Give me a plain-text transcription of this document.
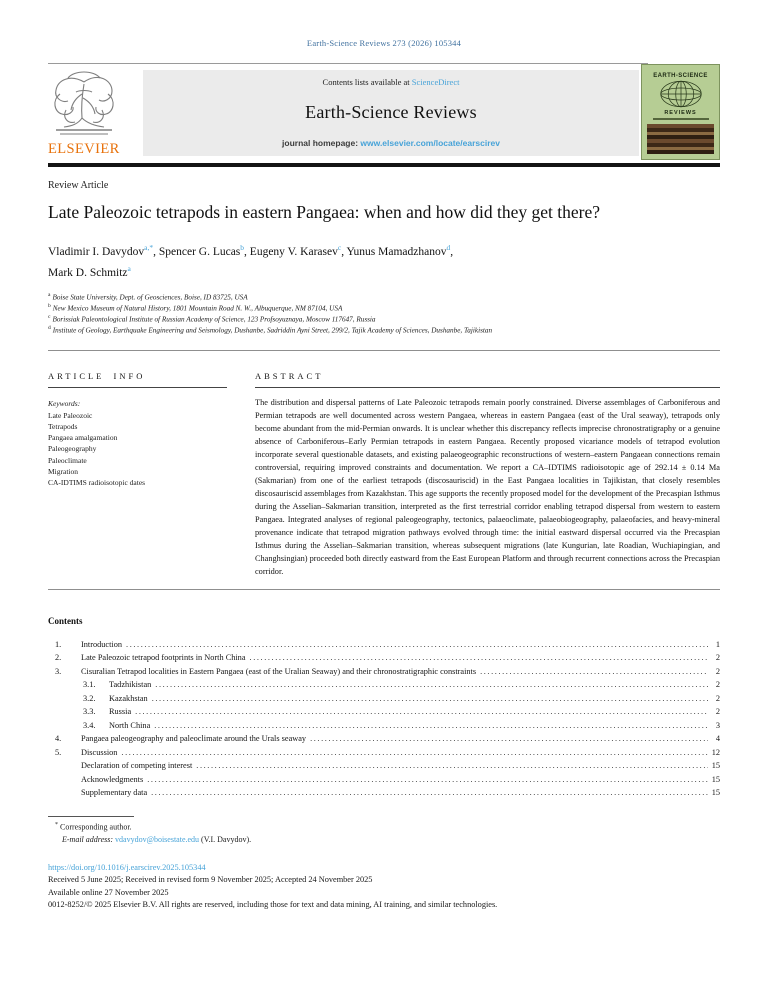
Earth-Science Reviews 273 (2026) 105344
ELSEVIER
Contents lists available at ScienceDirect
Earth-Science Reviews
journal homepage: www.elsevier.com/locate/earscirev
EARTH-SCIENCE
REVIEWS
Review Article
Late Paleozoic tetrapods in eastern Pangaea: when and how did they get there?
Vladimir I. Davydov$^{a,*}$, Spencer G. Lucas$^b$, Eugeny V. Karasev$^c$, Yunus Mamadzhanov$^d$,
Mark D. Schmitz$^a$
$^a$ Boise State University, Dept. of Geosciences, Boise, ID 83725, USA
$^b$ New Mexico Museum of Natural History, 1801 Mountain Road N. W., Albuquerque, NM 87104, USA
$^c$ Borissiak Paleontological Institute of Russian Academy of Science, 123 Profsoyuznaya, Moscow 117647, Russia
$^d$ Institute of Geology, Earthquake Engineering and Seismology, Dushanbe, Sadriddin Ayni Street, 299/2, Tajik Academy of Sciences, Dushanbe, Tajikistan
ARTICLE INFO
Keywords:
Late Paleozoic
Tetrapods
Pangaea amalgamation
Paleogeography
Paleoclimate
Migration
CA-IDTIMS radioisotopic dates
ABSTRACT
The distribution and dispersal patterns of Late Paleozoic tetrapods remain poorly constrained. Diverse assemblages of Carboniferous and Permian tetrapods are well documented across western Pangaea, whereas in eastern Pangaea (east of the Ural seaway), tetrapods only become abundant from the mid-Permian onwards. It is unclear whether this discrepancy reflects imprecise chronostratigraphy or a genuine absence of Carboniferous–Early Permian tetrapods in eastern Pangaea. Recently proposed vicariance models of tetrapod evolution incorporate several questionable datasets, and existing palaeogeographic reconstructions of western–eastern Pangaean connections remain controversial, requiring improved constraints and documentation. We report a CA–IDTIMS radioisotopic age of 292.14 ± 0.14 Ma (Sakmarian) from one of the earliest tetrapods (discosauriscid) in the East Pangaea localities in Tajikistan, that closely resembles discosauriscid assemblages from Kazakhstan. This age supports the recently proposed model for the development of the Precaspian Isthmus during the Asselian–Sakmarian transition, interpreted as the first terrestrial corridor enabling tetrapod dispersal from western to eastern Pangaea. Integrated analyses of regional paleogeography, tectonics, palaeoclimate, palaeobiogeography, palaeofacies, and heavy-mineral provenance indicate that tetrapod migration pathways evolved through time: the initial eastward dispersal occurred via the Precaspian Isthmus during the Asselian–Sakmarian transition, whereas subsequent migrations (late Kungurian, late Roadian, Wuchiapingian, and Changhsingian) proceeded both directly eastward from the East European Platform and through recurrent connections across the Precaspian corridor.
Contents
1.	Introduction .....	1
2.	Late Paleozoic tetrapod footprints in North China .....	2
3.	Cisuralian Tetrapod localities in Eastern Pangaea (east of the Uralian Seaway) and their chronostratigraphic constraints .....	2
3.1.	Tadzhikistan .....	2
3.2.	Kazakhstan .....	2
3.3.	Russia .....	2
3.4.	North China .....	3
4.	Pangaea paleogeography and paleoclimate around the Urals seaway .....	4
5.	Discussion .....	12
Declaration of competing interest .....	15
Acknowledgments .....	15
Supplementary data .....	15
* Corresponding author.
E-mail address: vdavydov@boisestate.edu (V.I. Davydov).
https://doi.org/10.1016/j.earscirev.2025.105344
Received 5 June 2025; Received in revised form 9 November 2025; Accepted 24 November 2025
Available online 27 November 2025
0012-8252/© 2025 Elsevier B.V. All rights are reserved, including those for text and data mining, AI training, and similar technologies.
